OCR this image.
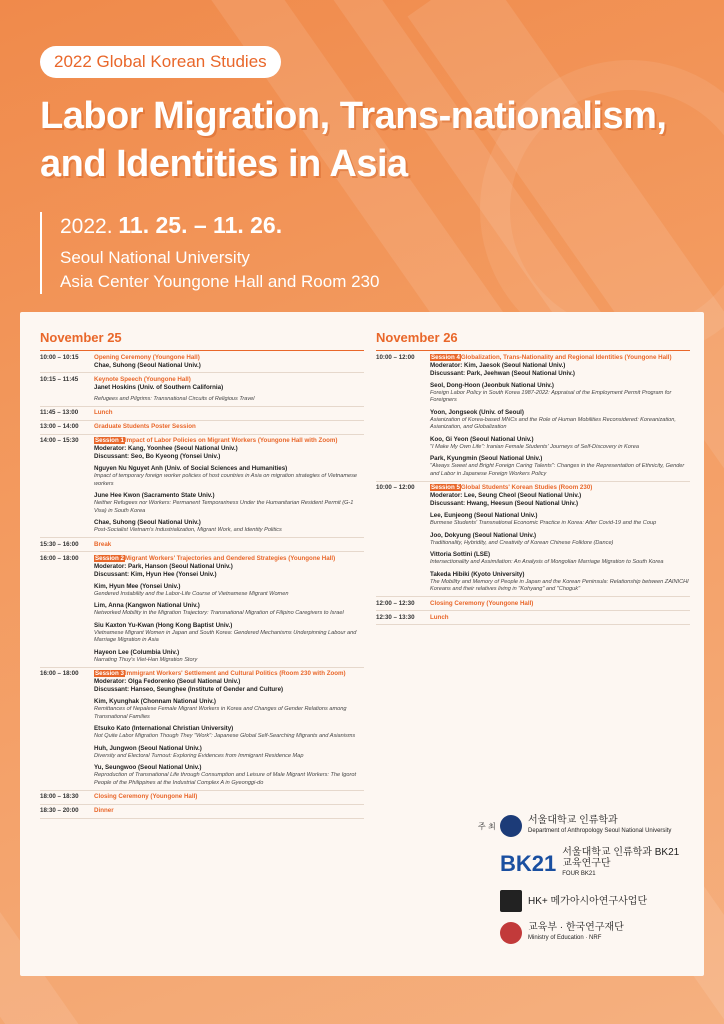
2022 Global Korean Studies
Labor Migration, Trans-nationalism,
and Identities in Asia
2022. 11. 25. – 11. 26.
Seoul National University
Asia Center Youngone Hall and Room 230
November 25
10:00 – 10:15	Opening Ceremony (Youngone Hall)
Chae, Suhong (Seoul National Univ.)
10:15 – 11:45	Keynote Speech (Youngone Hall)
Janet Hoskins (Univ. of Southern California)
Refugees and Pilgrims: Transnational Circuits of Religious Travel
11:45 – 13:00	Lunch
13:00 – 14:00	Graduate Students Poster Session
14:00 – 15:30	Session 1Impact of Labor Policies on Migrant Workers (Youngone Hall with Zoom)
Moderator: Kang, Yoonhee (Seoul National Univ.)
Discussant: Seo, Bo Kyeong (Yonsei Univ.)
Nguyen Nu Nguyet Anh (Univ. of Social Sciences and Humanities)
Impact of temporary foreign worker policies of host countries in Asia on migration strategies of Vietnamese workers
June Hee Kwon (Sacramento State Univ.)
Neither Refugees nor Workers: Permanent Temporariness Under the Humanitarian Resident Permit (G-1 Visa) in South Korea
Chae, Suhong (Seoul National Univ.)
Post-Socialist Vietnam's Industrialization, Migrant Work, and Identity Politics
15:30 – 16:00	Break
16:00 – 18:00	Session 2Migrant Workers' Trajectories and Gendered Strategies (Youngone Hall)
Moderator: Park, Hanson (Seoul National Univ.)
Discussant: Kim, Hyun Hee (Yonsei Univ.)
Kim, Hyun Mee (Yonsei Univ.)
Gendered Instability and the Labor-Life Course of Vietnamese Migrant Women
Lim, Anna (Kangwon National Univ.)
Networked Mobility in the Migration Trajectory: Transnational Migration of Filipino Caregivers to Israel
Siu Kaxton Yu-Kwan (Hong Kong Baptist Univ.)
Vietnamese Migrant Women in Japan and South Korea: Gendered Mechanisms Underpinning Labour and Marriage Migration in Asia
Hayeon Lee (Columbia Univ.)
Narrating Thuy's Viet-Han Migration Story
16:00 – 18:00	Session 3Immigrant Workers' Settlement and Cultural Politics (Room 230 with Zoom)
Moderator: Olga Fedorenko (Seoul National Univ.)
Discussant: Hanseo, Seunghee (Institute of Gender and Culture)
Kim, Kyunghak (Chonnam National Univ.)
Remittances of Nepalese Female Migrant Workers in Korea and Changes of Gender Relations among Transnational Families
Etsuko Kato (International Christian University)
Not Quite Labor Migration Though They "Work": Japanese Global Self-Searching Migrants and Asianisms
Huh, Jungwon (Seoul National Univ.)
Diversity and Electoral Turnout: Exploring Evidences from Immigrant Residence Map
Yu, Seungwoo (Seoul National Univ.)
Reproduction of Transnational Life through Consumption and Leisure of Male Migrant Workers: The Igorot People of the Philippines at the Industrial Complex A in Gyeonggi-do
18:00 – 18:30	Closing Ceremony (Youngone Hall)
18:30 – 20:00	Dinner
November 26
10:00 – 12:00	Session 4Globalization, Trans-Nationality and Regional Identities (Youngone Hall)
Moderator: Kim, Jaesok (Seoul National Univ.)
Discussant: Park, Jeehwan (Seoul National Univ.)
Seol, Dong-Hoon (Jeonbuk National Univ.)
Foreign Labor Policy in South Korea 1987-2022: Appraisal of the Employment Permit Program for Foreigners
Yoon, Jongseok (Univ. of Seoul)
Asianization of Korea-based MNCs and the Role of Human Mobilities Reconsidered: Koreanization, Asianization, and Globalization
Koo, Gi Yeon (Seoul National Univ.)
"I Make My Own Life": Iranian Female Students' Journeys of Self-Discovery in Korea
Park, Kyungmin (Seoul National Univ.)
"Always Sweet and Bright Foreign Caring Talents": Changes in the Representation of Ethnicity, Gender and Labor in Japanese Foreign Workers Policy
10:00 – 12:00	Session 5Global Students' Korean Studies (Room 230)
Moderator: Lee, Seung Cheol (Seoul National Univ.)
Discussant: Hwang, Heesun (Seoul National Univ.)
Lee, Eunjeong (Seoul National Univ.)
Burmese Students' Transnational Economic Practice in Korea: After Covid-19 and the Coup
Joo, Dokyung (Seoul National Univ.)
Traditionality, Hybridity, and Creativity of Korean Chinese Folklore (Dance)
Vittoria Sottini (LSE)
Intersectionality and Assimilation: An Analysis of Mongolian Marriage Migration to South Korea
Takeda Hibiki (Kyoto University)
The Mobility and Memory of People in Japan and the Korean Peninsula: Relationship between ZAINICHI Koreans and their relatives living in "Kohyang" and "Choguk"
12:00 – 12:30	Closing Ceremony (Youngone Hall)
12:30 – 13:30	Lunch
주 최	서울대학교 인류학과
Department of Anthropology Seoul National University
BK21 서울대학교 인류학과 BK21 교육연구단
FOUR BK21
HK+ 메가아시아연구사업단
교육부 · 한국연구재단
Ministry of Education · NRF
